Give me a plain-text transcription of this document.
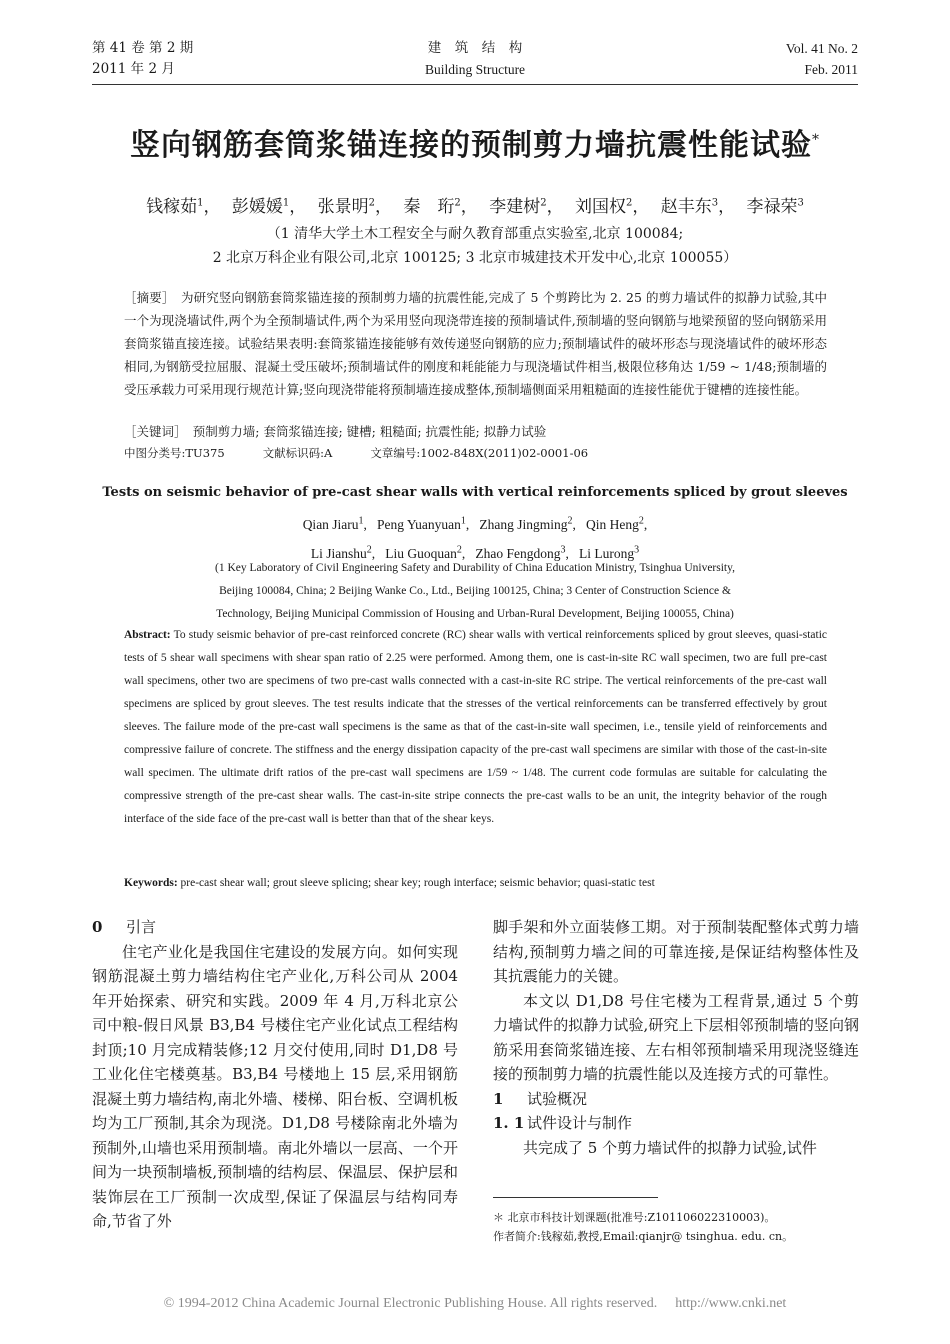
第 41 卷 第 2 期
2011 年 2 月
建　筑　结　构
Building Structure
Vol. 41 No. 2
Feb. 2011
竖向钢筋套筒浆锚连接的预制剪力墙抗震性能试验*
钱稼茹$^1$， 彭媛媛$^1$， 张景明$^2$， 秦　珩$^2$， 李建树$^2$， 刘国权$^2$， 赵丰东$^3$， 李禄荣$^3$
（1 清华大学土木工程安全与耐久教育部重点实验室,北京 100084;
2 北京万科企业有限公司,北京 100125; 3 北京市城建技术开发中心,北京 100055）
［摘要］　 为研究竖向钢筋套筒浆锚连接的预制剪力墙的抗震性能,完成了 5 个剪跨比为 2. 25 的剪力墙试件的拟静力试验,其中一个为现浇墙试件,两个为全预制墙试件,两个为采用竖向现浇带连接的预制墙试件,预制墙的竖向钢筋与地梁预留的竖向钢筋采用套筒浆锚直接连接。试验结果表明:套筒浆锚连接能够有效传递竖向钢筋的应力;预制墙试件的破坏形态与现浇墙试件的破坏形态相同,为钢筋受拉屈服、混凝土受压破坏;预制墙试件的刚度和耗能能力与现浇墙试件相当,极限位移角达 1/59 ~ 1/48;预制墙的受压承载力可采用现行规范计算;竖向现浇带能将预制墙连接成整体,预制墙侧面采用粗糙面的连接性能优于键槽的连接性能。
［关键词］　 预制剪力墙; 套筒浆锚连接; 键槽; 粗糙面; 抗震性能; 拟静力试验
中图分类号:TU375	文献标识码:A	文章编号:1002-848X(2011)02-0001-06
Tests on seismic behavior of pre-cast shear walls with vertical reinforcements spliced by grout sleeves
Qian Jiaru$^1$,   Peng Yuanyuan$^1$,   Zhang Jingming$^2$,   Qin Heng$^2$,
Li Jianshu$^2$,   Liu Guoquan$^2$,   Zhao Fengdong$^3$,   Li Lurong$^3$
(1 Key Laboratory of Civil Engineering Safety and Durability of China Education Ministry, Tsinghua University,
Beijing 100084, China; 2 Beijing Wanke Co., Ltd., Beijing 100125, China; 3 Center of Construction Science &
Technology, Beijing Municipal Commission of Housing and Urban-Rural Development, Beijing 100055, China)
Abstract: To study seismic behavior of pre-cast reinforced concrete (RC) shear walls with vertical reinforcements spliced by grout sleeves, quasi-static tests of 5 shear wall specimens with shear span ratio of 2.25 were performed. Among them, one is cast-in-site RC wall specimen, two are full pre-cast wall specimens, other two are specimens of two pre-cast walls connected with a cast-in-site RC stripe. The vertical reinforcements of the pre-cast wall specimens are spliced by grout sleeves. The test results indicate that the stresses of the vertical reinforcements can be transferred effectively by grout sleeves. The failure mode of the pre-cast wall specimens is the same as that of the cast-in-site wall specimen, i.e., tensile yield of reinforcements and compressive failure of concrete. The stiffness and the energy dissipation capacity of the pre-cast wall specimens are similar with those of the cast-in-site wall specimen. The ultimate drift ratios of the pre-cast wall specimens are 1/59 ~ 1/48. The current code formulas are suitable for calculating the compressive strength of the pre-cast shear walls. The cast-in-site stripe connects the pre-cast walls to be an unit, the integrity behavior of the rough interface of the side face of the pre-cast wall is better than that of the shear keys.
Keywords: pre-cast shear wall; grout sleeve splicing; shear key; rough interface; seismic behavior; quasi-static test
0 引言

住宅产业化是我国住宅建设的发展方向。如何实现钢筋混凝土剪力墙结构住宅产业化,万科公司从 2004 年开始探索、研究和实践。2009 年 4 月,万科北京公司中粮-假日风景 B3,B4 号楼住宅产业化试点工程结构封顶;10 月完成精装修;12 月交付使用,同时 D1,D8 号工业化住宅楼奠基。B3,B4 号楼地上 15 层,采用钢筋混凝土剪力墙结构,南北外墙、楼梯、阳台板、空调机板均为工厂预制,其余为现浇。D1,D8 号楼除南北外墙为预制外,山墙也采用预制墙。南北外墙以一层高、一个开间为一块预制墙板,预制墙的结构层、保温层、保护层和装饰层在工厂预制一次成型,保证了保温层与结构同寿命,节省了外

脚手架和外立面装修工期。对于预制装配整体式剪力墙结构,预制剪力墙之间的可靠连接,是保证结构整体性及其抗震能力的关键。

本文以 D1,D8 号住宅楼为工程背景,通过 5 个剪力墙试件的拟静力试验,研究上下层相邻预制墙的竖向钢筋采用套筒浆锚连接、左右相邻预制墙采用现浇竖缝连接的预制剪力墙的抗震性能以及连接方式的可靠性。

1 试验概况
1. 1 试件设计与制作

共完成了 5 个剪力墙试件的拟静力试验,试件

＊ 北京市科技计划课题(批准号:Z101106022310003)。
作者简介:钱稼茹,教授,Email:qianjr@ tsinghua. edu. cn。
© 1994-2012 China Academic Journal Electronic Publishing House. All rights reserved. http://www.cnki.net
